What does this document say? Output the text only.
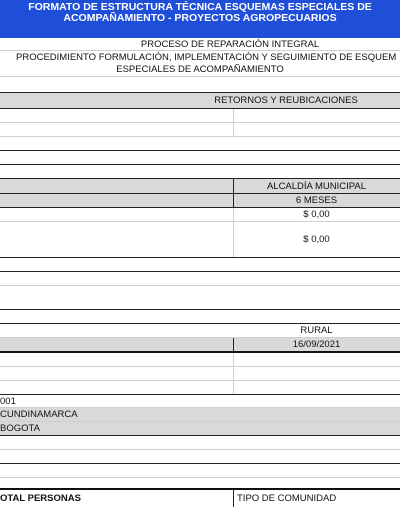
FORMATO DE ESTRUCTURA TÉCNICA ESQUEMAS ESPECIALES DE
ACOMPAÑAMIENTO - PROYECTOS AGROPECUARIOS
PROCESO DE REPARACIÓN INTEGRAL
PROCEDIMIENTO FORMULACIÓN, IMPLEMENTACIÓN Y SEGUIMIENTO DE ESQUEM
ESPECIALES DE ACOMPAÑAMIENTO
RETORNOS Y REUBICACIONES
ALCALDÍA MUNICIPAL
6 MESES
$ 0,00
$ 0,00
RURAL
16/09/2021
001
CUNDINAMARCA
BOGOTA
OTAL PERSONAS	TIPO DE COMUNIDAD
